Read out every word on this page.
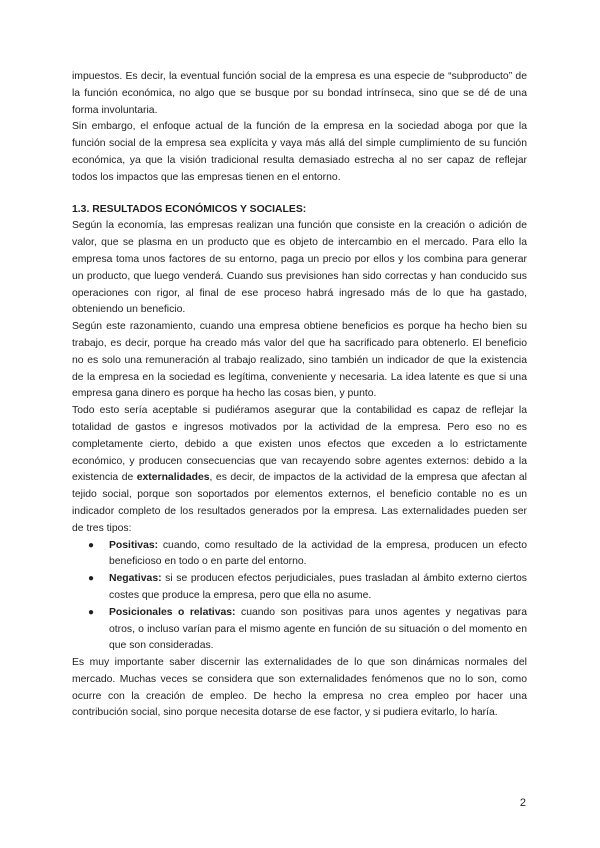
impuestos. Es decir, la eventual función social de la empresa es una especie de “subproducto” de la función económica, no algo que se busque por su bondad intrínseca, sino que se dé de una forma involuntaria.

Sin embargo, el enfoque actual de la función de la empresa en la sociedad aboga por que la función social de la empresa sea explícita y vaya más allá del simple cumplimiento de su función económica, ya que la visión tradicional resulta demasiado estrecha al no ser capaz de reflejar todos los impactos que las empresas tienen en el entorno.

1.3. RESULTADOS ECONÓMICOS Y SOCIALES:

Según la economía, las empresas realizan una función que consiste en la creación o adición de valor, que se plasma en un producto que es objeto de intercambio en el mercado. Para ello la empresa toma unos factores de su entorno, paga un precio por ellos y los combina para generar un producto, que luego venderá. Cuando sus previsiones han sido correctas y han conducido sus operaciones con rigor, al final de ese proceso habrá ingresado más de lo que ha gastado, obteniendo un beneficio.

Según este razonamiento, cuando una empresa obtiene beneficios es porque ha hecho bien su trabajo, es decir, porque ha creado más valor del que ha sacrificado para obtenerlo. El beneficio no es solo una remuneración al trabajo realizado, sino también un indicador de que la existencia de la empresa en la sociedad es legítima, conveniente y necesaria. La idea latente es que si una empresa gana dinero es porque ha hecho las cosas bien, y punto.

Todo esto sería aceptable si pudiéramos asegurar que la contabilidad es capaz de reflejar la totalidad de gastos e ingresos motivados por la actividad de la empresa. Pero eso no es completamente cierto, debido a que existen unos efectos que exceden a lo estrictamente económico, y producen consecuencias que van recayendo sobre agentes externos: debido a la existencia de externalidades, es decir, de impactos de la actividad de la empresa que afectan al tejido social, porque son soportados por elementos externos, el beneficio contable no es un indicador completo de los resultados generados por la empresa. Las externalidades pueden ser de tres tipos:

● Positivas: cuando, como resultado de la actividad de la empresa, producen un efecto beneficioso en todo o en parte del entorno.
● Negativas: si se producen efectos perjudiciales, pues trasladan al ámbito externo ciertos costes que produce la empresa, pero que ella no asume.
● Posicionales o relativas: cuando son positivas para unos agentes y negativas para otros, o incluso varían para el mismo agente en función de su situación o del momento en que son consideradas.

Es muy importante saber discernir las externalidades de lo que son dinámicas normales del mercado. Muchas veces se considera que son externalidades fenómenos que no lo son, como ocurre con la creación de empleo. De hecho la empresa no crea empleo por hacer una contribución social, sino porque necesita dotarse de ese factor, y si pudiera evitarlo, lo haría.

2
